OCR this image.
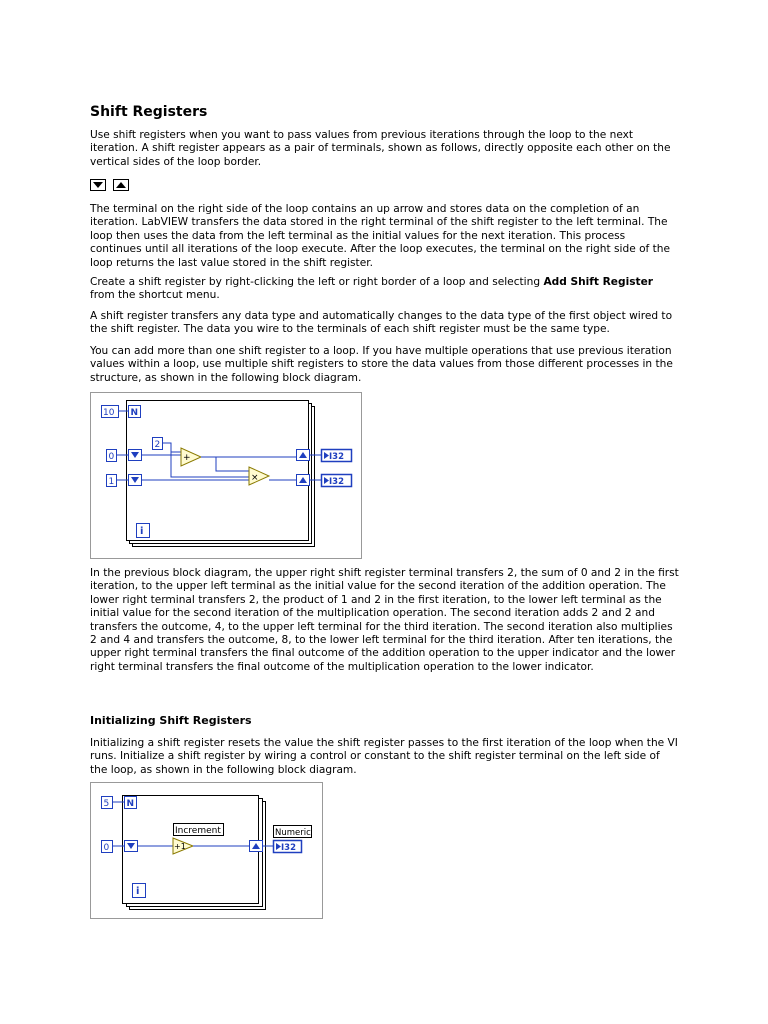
Shift Registers

Use shift registers when you want to pass values from previous iterations through the loop to the next iteration. A shift register appears as a pair of terminals, shown as follows, directly opposite each other on the vertical sides of the loop border.

The terminal on the right side of the loop contains an up arrow and stores data on the completion of an iteration. LabVIEW transfers the data stored in the right terminal of the shift register to the left terminal. The loop then uses the data from the left terminal as the initial values for the next iteration. This process continues until all iterations of the loop execute. After the loop executes, the terminal on the right side of the loop returns the last value stored in the shift register.

Create a shift register by right-clicking the left or right border of a loop and selecting Add Shift Register from the shortcut menu.

A shift register transfers any data type and automatically changes to the data type of the first object wired to the shift register. The data you wire to the terminals of each shift register must be the same type.

You can add more than one shift register to a loop. If you have multiple operations that use previous iteration values within a loop, use multiple shift registers to store the data values from those different processes in the structure, as shown in the following block diagram.

10 N
2
0
1
+
×
I32
I32
i

In the previous block diagram, the upper right shift register terminal transfers 2, the sum of 0 and 2 in the first iteration, to the upper left terminal as the initial value for the second iteration of the addition operation. The lower right terminal transfers 2, the product of 1 and 2 in the first iteration, to the lower left terminal as the initial value for the second iteration of the multiplication operation. The second iteration adds 2 and 2 and transfers the outcome, 4, to the upper left terminal for the third iteration. The second iteration also multiplies 2 and 4 and transfers the outcome, 8, to the lower left terminal for the third iteration. After ten iterations, the upper right terminal transfers the final outcome of the addition operation to the upper indicator and the lower right terminal transfers the final outcome of the multiplication operation to the lower indicator.

Initializing Shift Registers

Initializing a shift register resets the value the shift register passes to the first iteration of the loop when the VI runs. Initialize a shift register by wiring a control or constant to the shift register terminal on the left side of the loop, as shown in the following block diagram.

5 N
0
Increment
+1
Numeric
I32
i
